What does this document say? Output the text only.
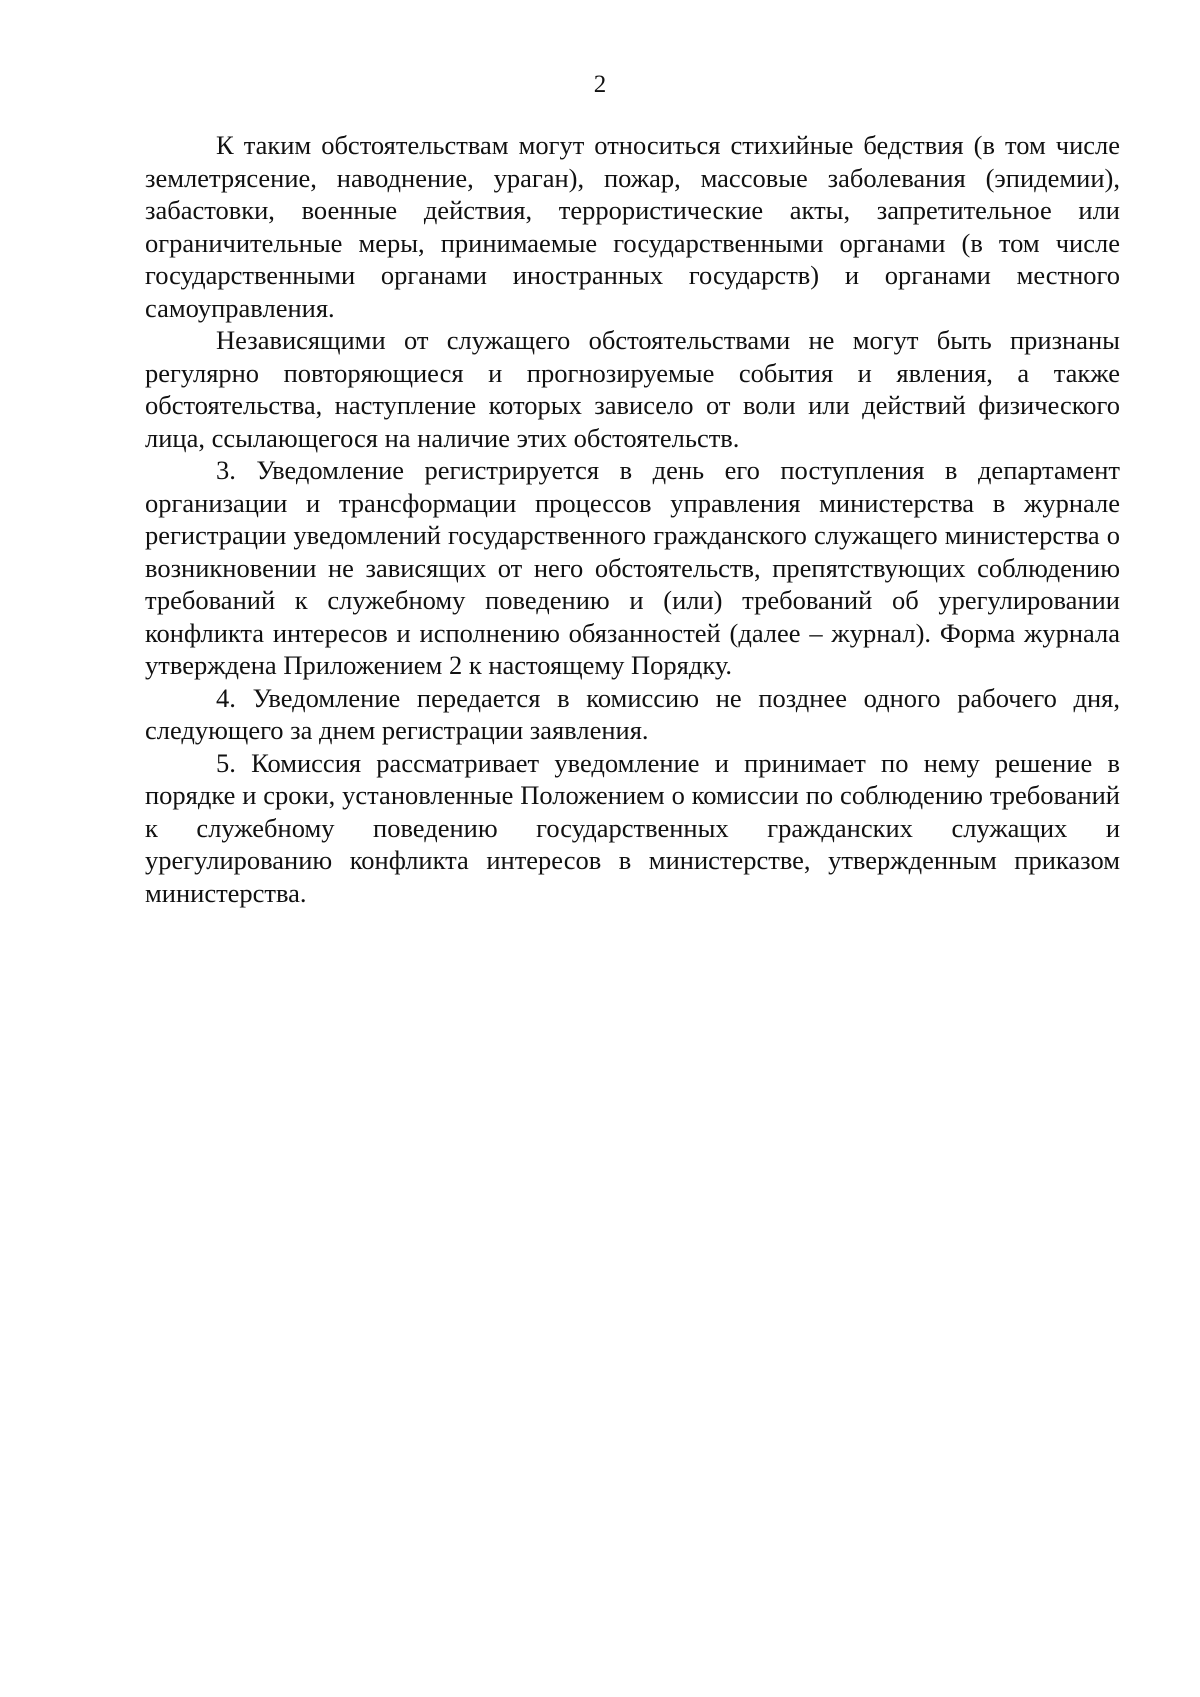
2

К таким обстоятельствам могут относиться стихийные бедствия (в том числе землетрясение, наводнение, ураган), пожар, массовые заболевания (эпидемии), забастовки, военные действия, террористические акты, запретительное или ограничительные меры, принимаемые государственными органами (в том числе государственными органами иностранных государств) и органами местного самоуправления.

Независящими от служащего обстоятельствами не могут быть признаны регулярно повторяющиеся и прогнозируемые события и явления, а также обстоятельства, наступление которых зависело от воли или действий физического лица, ссылающегося на наличие этих обстоятельств.

3. Уведомление регистрируется в день его поступления в департамент организации и трансформации процессов управления министерства в журнале регистрации уведомлений государственного гражданского служащего министерства о возникновении не зависящих от него обстоятельств, препятствующих соблюдению требований к служебному поведению и (или) требований об урегулировании конфликта интересов и исполнению обязанностей (далее – журнал). Форма журнала утверждена Приложением 2 к настоящему Порядку.

4. Уведомление передается в комиссию не позднее одного рабочего дня, следующего за днем регистрации заявления.

5. Комиссия рассматривает уведомление и принимает по нему решение в порядке и сроки, установленные Положением о комиссии по соблюдению требований к служебному поведению государственных гражданских служащих и урегулированию конфликта интересов в министерстве, утвержденным приказом министерства.
